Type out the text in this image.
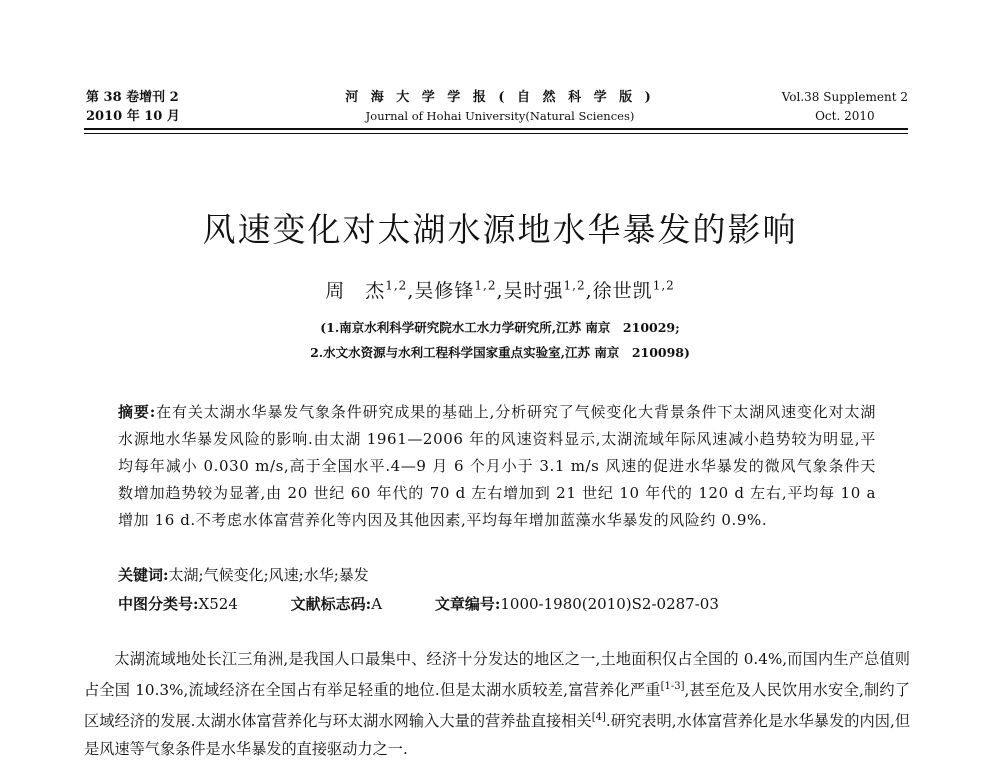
第 38 卷增刊 2
2010 年 10 月
河 海 大 学 学 报 ( 自 然 科 学 版 )
Journal of Hohai University(Natural Sciences)
Vol.38 Supplement 2
Oct. 2010
风速变化对太湖水源地水华暴发的影响
周　杰$^{1,2}$,吴修锋$^{1,2}$,吴时强$^{1,2}$,徐世凯$^{1,2}$
(1.南京水利科学研究院水工水力学研究所,江苏 南京　210029;
2.水文水资源与水利工程科学国家重点实验室,江苏 南京　210098)
摘要:在有关太湖水华暴发气象条件研究成果的基础上,分析研究了气候变化大背景条件下太湖风速变化对太湖水源地水华暴发风险的影响.由太湖 1961—2006 年的风速资料显示,太湖流域年际风速减小趋势较为明显,平均每年减小 0.030 m/s,高于全国水平.4—9 月 6 个月小于 3.1 m/s 风速的促进水华暴发的微风气象条件天数增加趋势较为显著,由 20 世纪 60 年代的 70 d 左右增加到 21 世纪 10 年代的 120 d 左右,平均每 10 a 增加 16 d.不考虑水体富营养化等内因及其他因素,平均每年增加蓝藻水华暴发的风险约 0.9%.
关键词:太湖;气候变化;风速;水华;暴发
中图分类号:X524	文献标志码:A	文章编号:1000-1980(2010)S2-0287-03
太湖流域地处长江三角洲,是我国人口最集中、经济十分发达的地区之一,土地面积仅占全国的 0.4%,而国内生产总值则占全国 10.3%,流域经济在全国占有举足轻重的地位.但是太湖水质较差,富营养化严重[1-3],甚至危及人民饮用水安全,制约了区域经济的发展.太湖水体富营养化与环太湖水网输入大量的营养盐直接相关[4].研究表明,水体富营养化是水华暴发的内因,但是风速等气象条件是水华暴发的直接驱动力之一.
